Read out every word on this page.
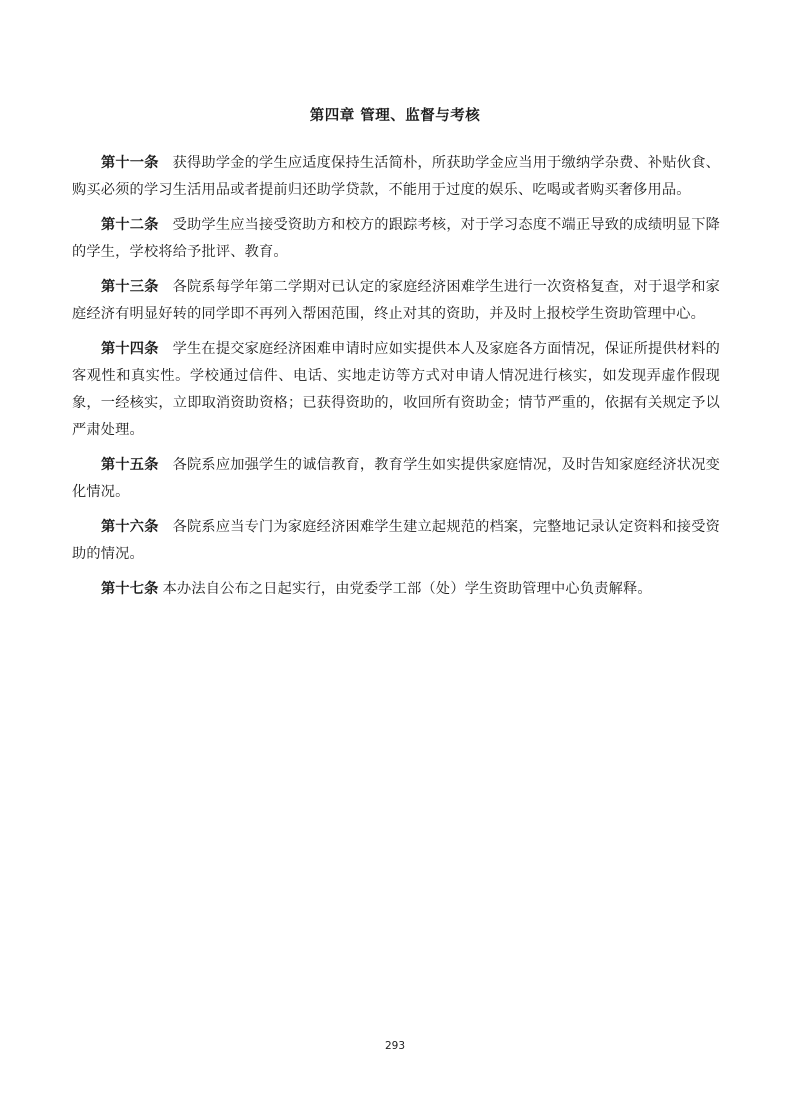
第四章 管理、监督与考核

第十一条 获得助学金的学生应适度保持生活简朴，所获助学金应当用于缴纳学杂费、补贴伙食、购买必须的学习生活用品或者提前归还助学贷款，不能用于过度的娱乐、吃喝或者购买奢侈用品。

第十二条 受助学生应当接受资助方和校方的跟踪考核，对于学习态度不端正导致的成绩明显下降的学生，学校将给予批评、教育。

第十三条 各院系每学年第二学期对已认定的家庭经济困难学生进行一次资格复查，对于退学和家庭经济有明显好转的同学即不再列入帮困范围，终止对其的资助，并及时上报校学生资助管理中心。

第十四条 学生在提交家庭经济困难申请时应如实提供本人及家庭各方面情况，保证所提供材料的客观性和真实性。学校通过信件、电话、实地走访等方式对申请人情况进行核实，如发现弄虚作假现象，一经核实，立即取消资助资格；已获得资助的，收回所有资助金；情节严重的，依据有关规定予以严肃处理。

第十五条 各院系应加强学生的诚信教育，教育学生如实提供家庭情况，及时告知家庭经济状况变化情况。

第十六条 各院系应当专门为家庭经济困难学生建立起规范的档案，完整地记录认定资料和接受资助的情况。

第十七条 本办法自公布之日起实行，由党委学工部（处）学生资助管理中心负责解释。

293
